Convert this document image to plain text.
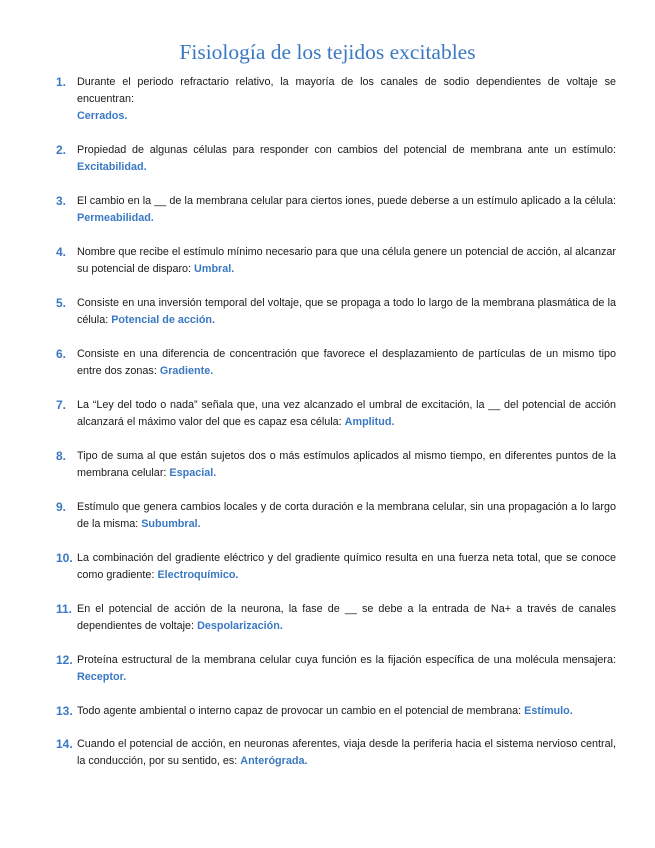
Fisiología de los tejidos excitables
1.	Durante el periodo refractario relativo, la mayoría de los canales de sodio dependientes de voltaje se encuentran:
Cerrados.
2.	Propiedad de algunas células para responder con cambios del potencial de membrana ante un estímulo: Excitabilidad.
3.	El cambio en la __ de la membrana celular para ciertos iones, puede deberse a un estímulo aplicado a la célula: Permeabilidad.
4.	Nombre que recibe el estímulo mínimo necesario para que una célula genere un potencial de acción, al alcanzar su potencial de disparo: Umbral.
5.	Consiste en una inversión temporal del voltaje, que se propaga a todo lo largo de la membrana plasmática de la célula: Potencial de acción.
6.	Consiste en una diferencia de concentración que favorece el desplazamiento de partículas de un mismo tipo entre dos zonas: Gradiente.
7.	La “Ley del todo o nada” señala que, una vez alcanzado el umbral de excitación, la __ del potencial de acción alcanzará el máximo valor del que es capaz esa célula: Amplitud.
8.	Tipo de suma al que están sujetos dos o más estímulos aplicados al mismo tiempo, en diferentes puntos de la membrana celular: Espacial.
9.	Estímulo que genera cambios locales y de corta duración e la membrana celular, sin una propagación a lo largo de la misma: Subumbral.
10. La combinación del gradiente eléctrico y del gradiente químico resulta en una fuerza neta total, que se conoce como gradiente: Electroquímico.
11. En el potencial de acción de la neurona, la fase de __ se debe a la entrada de Na+ a través de canales dependientes de voltaje: Despolarización.
12. Proteína estructural de la membrana celular cuya función es la fijación específica de una molécula mensajera: Receptor.
13. Todo agente ambiental o interno capaz de provocar un cambio en el potencial de membrana: Estímulo.
14. Cuando el potencial de acción, en neuronas aferentes, viaja desde la periferia hacia el sistema nervioso central, la conducción, por su sentido, es: Anterógrada.
